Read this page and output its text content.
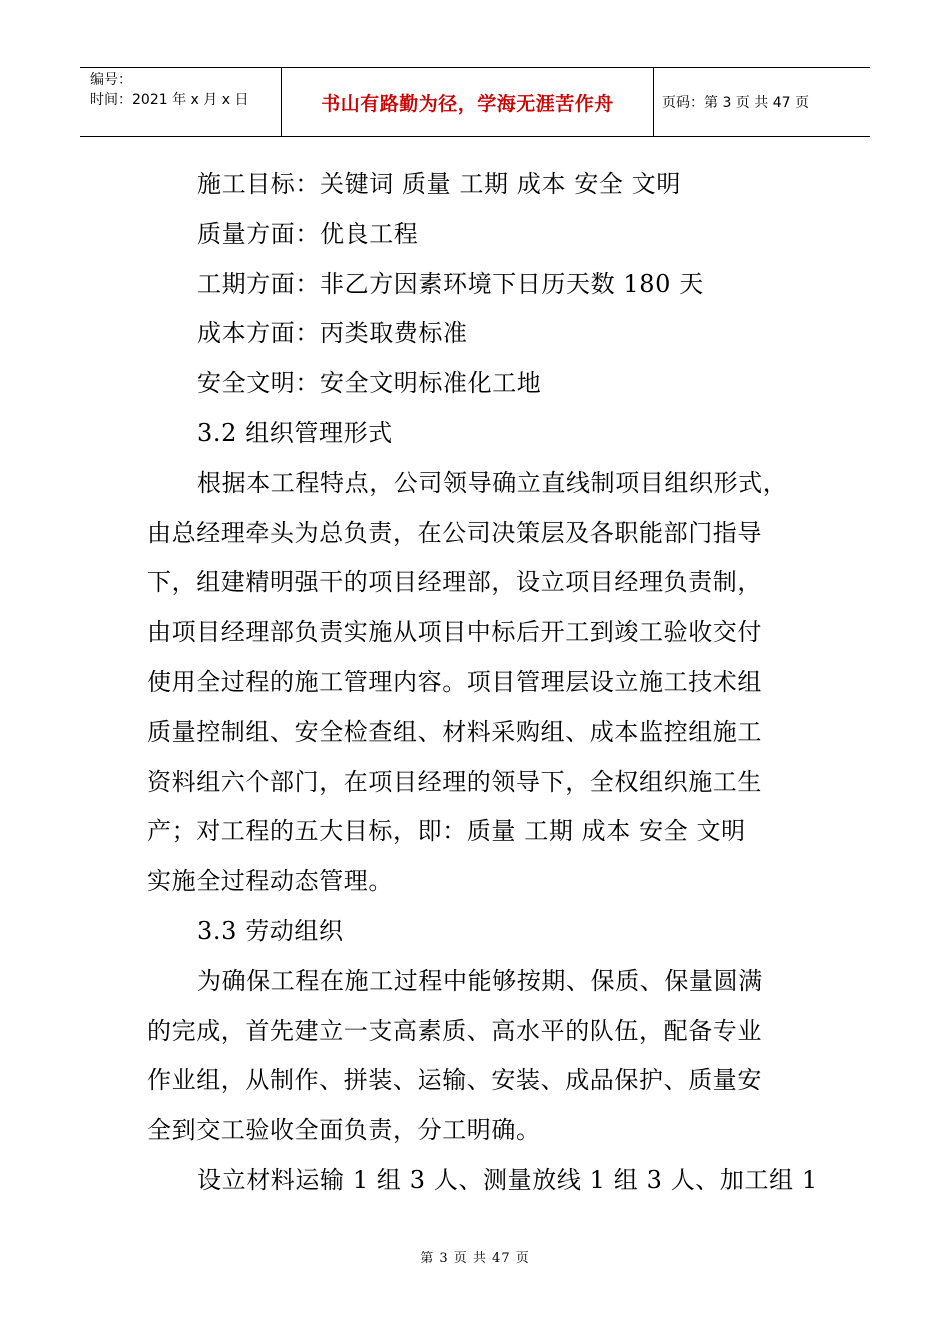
编号：
时间：2021 年 x 月 x 日	书山有路勤为径，学海无涯苦作舟	页码：第 3 页 共 47 页
施工目标：关键词 质量 工期 成本 安全 文明
质量方面：优良工程
工期方面：非乙方因素环境下日历天数 180 天
成本方面：丙类取费标准
安全文明：安全文明标准化工地
3.2 组织管理形式
根据本工程特点，公司领导确立直线制项目组织形式，
由总经理牵头为总负责，在公司决策层及各职能部门指导
下，组建精明强干的项目经理部，设立项目经理负责制，
由项目经理部负责实施从项目中标后开工到竣工验收交付
使用全过程的施工管理内容。项目管理层设立施工技术组
质量控制组、安全检查组、材料采购组、成本监控组施工
资料组六个部门，在项目经理的领导下，全权组织施工生
产；对工程的五大目标，即：质量 工期 成本 安全 文明
实施全过程动态管理。
3.3 劳动组织
为确保工程在施工过程中能够按期、保质、保量圆满
的完成，首先建立一支高素质、高水平的队伍，配备专业
作业组，从制作、拼装、运输、安装、成品保护、质量安
全到交工验收全面负责，分工明确。
设立材料运输 1 组 3 人、测量放线 1 组 3 人、加工组 1
第 3 页 共 47 页
